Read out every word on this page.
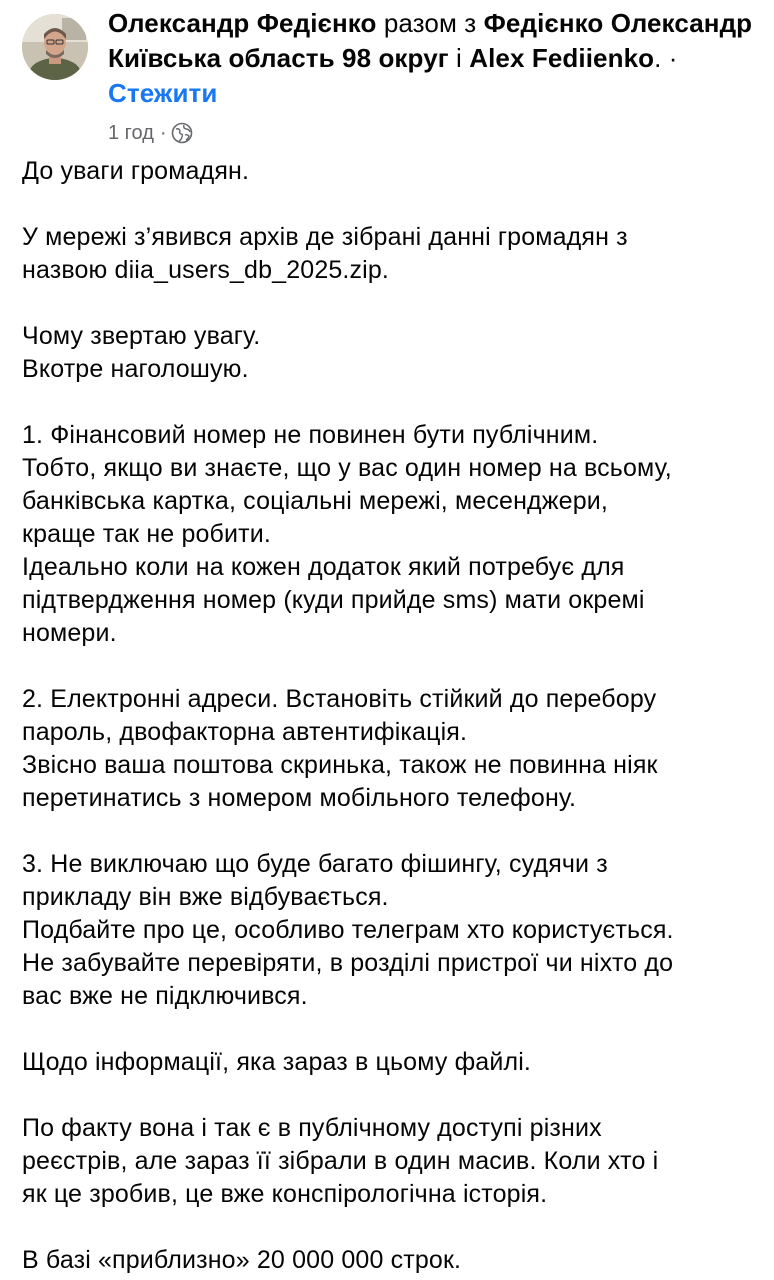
Олександр Федієнко разом з Федієнко Олександр Київська область 98 округ і Alex Fediienko. · Стежити
1 год ·

До уваги громадян.

У мережі з’явився архів де зібрані данні громадян з

назвою diia_users_db_2025.zip.

Чому звертаю увагу.

Вкотре наголошую.

1. Фінансовий номер не повинен бути публічним.

Тобто, якщо ви знаєте, що у вас один номер на всьому,

банківська картка, соціальні мережі, месенджери,

краще так не робити.

Ідеально коли на кожен додаток який потребує для

підтвердження номер (куди прийде sms) мати окремі

номери.

2. Електронні адреси. Встановіть стійкий до перебору

пароль, двофакторна автентифікація.

Звісно ваша поштова скринька, також не повинна ніяк

перетинатись з номером мобільного телефону.

3. Не виключаю що буде багато фішингу, судячи з

прикладу він вже відбувається.

Подбайте про це, особливо телеграм хто користується.

Не забувайте перевіряти, в розділі пристрої чи ніхто до

вас вже не підключився.

Щодо інформації, яка зараз в цьому файлі.

По факту вона і так є в публічному доступі різних

реєстрів, але зараз її зібрали в один масив. Коли хто і

як це зробив, це вже конспірологічна історія.

В базі «приблизно» 20 000 000 строк.
